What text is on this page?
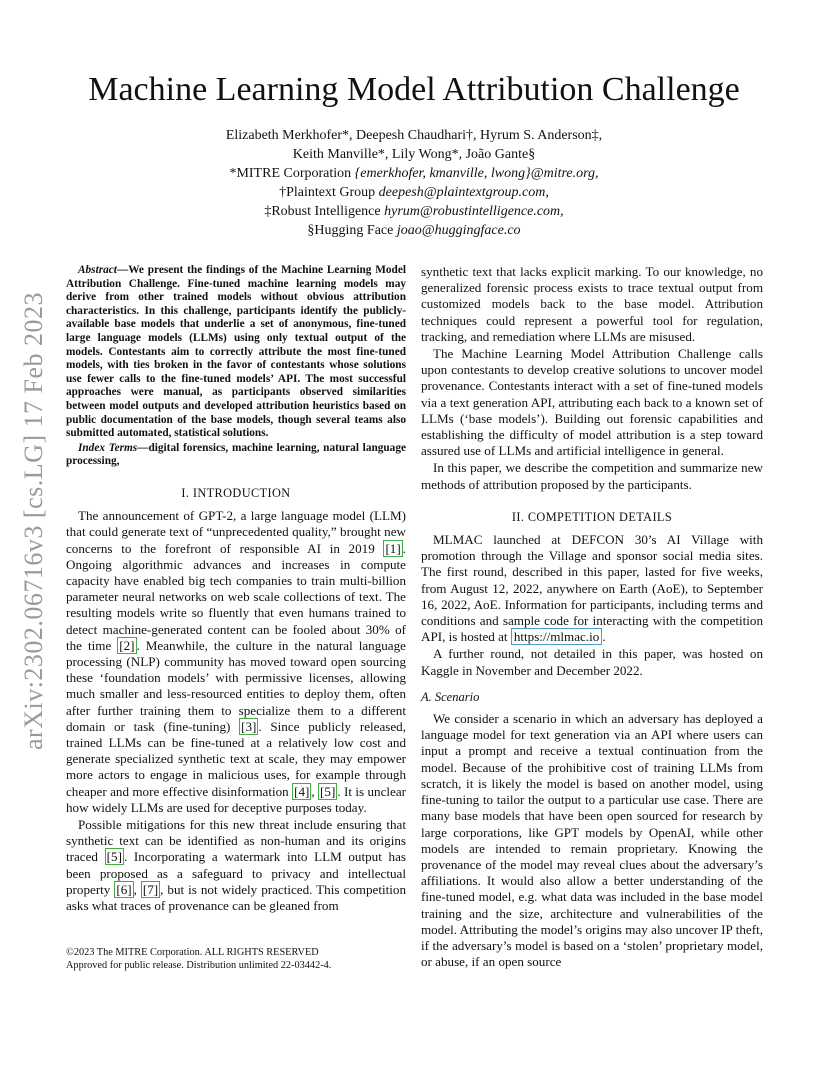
Machine Learning Model Attribution Challenge
Elizabeth Merkhofer*, Deepesh Chaudhari†, Hyrum S. Anderson‡,
Keith Manville*, Lily Wong*, João Gante§
*MITRE Corporation {emerkhofer, kmanville, lwong}@mitre.org,
†Plaintext Group deepesh@plaintextgroup.com,
‡Robust Intelligence hyrum@robustintelligence.com,
§Hugging Face joao@huggingface.co
arXiv:2302.06716v3 [cs.LG] 17 Feb 2023

Abstract—We present the findings of the Machine Learning Model Attribution Challenge. Fine-tuned machine learning models may derive from other trained models without obvious attribution characteristics. In this challenge, participants identify the publicly-available base models that underlie a set of anonymous, fine-tuned large language models (LLMs) using only textual output of the models. Contestants aim to correctly attribute the most fine-tuned models, with ties broken in the favor of contestants whose solutions use fewer calls to the fine-tuned models’ API. The most successful approaches were manual, as participants observed similarities between model outputs and developed attribution heuristics based on public documentation of the base models, though several teams also submitted automated, statistical solutions.

Index Terms—digital forensics, machine learning, natural language processing,

I. INTRODUCTION

The announcement of GPT-2, a large language model (LLM) that could generate text of “unprecedented quality,” brought new concerns to the forefront of responsible AI in 2019 [1] . Ongoing algorithmic advances and increases in compute capacity have enabled big tech companies to train multi-billion parameter neural networks on web scale collections of text. The resulting models write so fluently that even humans trained to detect machine-generated content can be fooled about 30% of the time [2] . Meanwhile, the culture in the natural language processing (NLP) community has moved toward open sourcing these ‘foundation models’ with permissive licenses, allowing much smaller and less-resourced entities to deploy them, often after further training them to specialize them to a different domain or task (fine-tuning) [3] . Since publicly released, trained LLMs can be fine-tuned at a relatively low cost and generate specialized synthetic text at scale, they may empower more actors to engage in malicious uses, for example through cheaper and more effective disinformation [4] , [5] . It is unclear how widely LLMs are used for deceptive purposes today.

Possible mitigations for this new threat include ensuring that synthetic text can be identified as non-human and its origins traced [5] . Incorporating a watermark into LLM output has been proposed as a safeguard to privacy and intellectual property [6] , [7] , but is not widely practiced. This competition asks what traces of provenance can be gleaned from

©2023 The MITRE Corporation. ALL RIGHTS RESERVED
Approved for public release. Distribution unlimited 22-03442-4.

synthetic text that lacks explicit marking. To our knowledge, no generalized forensic process exists to trace textual output from customized models back to the base model. Attribution techniques could represent a powerful tool for regulation, tracking, and remediation where LLMs are misused.

The Machine Learning Model Attribution Challenge calls upon contestants to develop creative solutions to uncover model provenance. Contestants interact with a set of fine-tuned models via a text generation API, attributing each back to a known set of LLMs (‘base models’). Building out forensic capabilities and establishing the difficulty of model attribution is a step toward assured use of LLMs and artificial intelligence in general.

In this paper, we describe the competition and summarize new methods of attribution proposed by the participants.

II. COMPETITION DETAILS

MLMAC launched at DEFCON 30’s AI Village with promotion through the Village and sponsor social media sites. The first round, described in this paper, lasted for five weeks, from August 12, 2022, anywhere on Earth (AoE), to September 16, 2022, AoE. Information for participants, including terms and conditions and sample code for interacting with the competition API, is hosted at https://mlmac.io .

A further round, not detailed in this paper, was hosted on Kaggle in November and December 2022.

A. Scenario

We consider a scenario in which an adversary has deployed a language model for text generation via an API where users can input a prompt and receive a textual continuation from the model. Because of the prohibitive cost of training LLMs from scratch, it is likely the model is based on another model, using fine-tuning to tailor the output to a particular use case. There are many base models that have been open sourced for research by large corporations, like GPT models by OpenAI, while other models are intended to remain proprietary. Knowing the provenance of the model may reveal clues about the adversary’s affiliations. It would also allow a better understanding of the fine-tuned model, e.g. what data was included in the base model training and the size, architecture and vulnerabilities of the model. Attributing the model’s origins may also uncover IP theft, if the adversary’s model is based on a ‘stolen’ proprietary model, or abuse, if an open source
